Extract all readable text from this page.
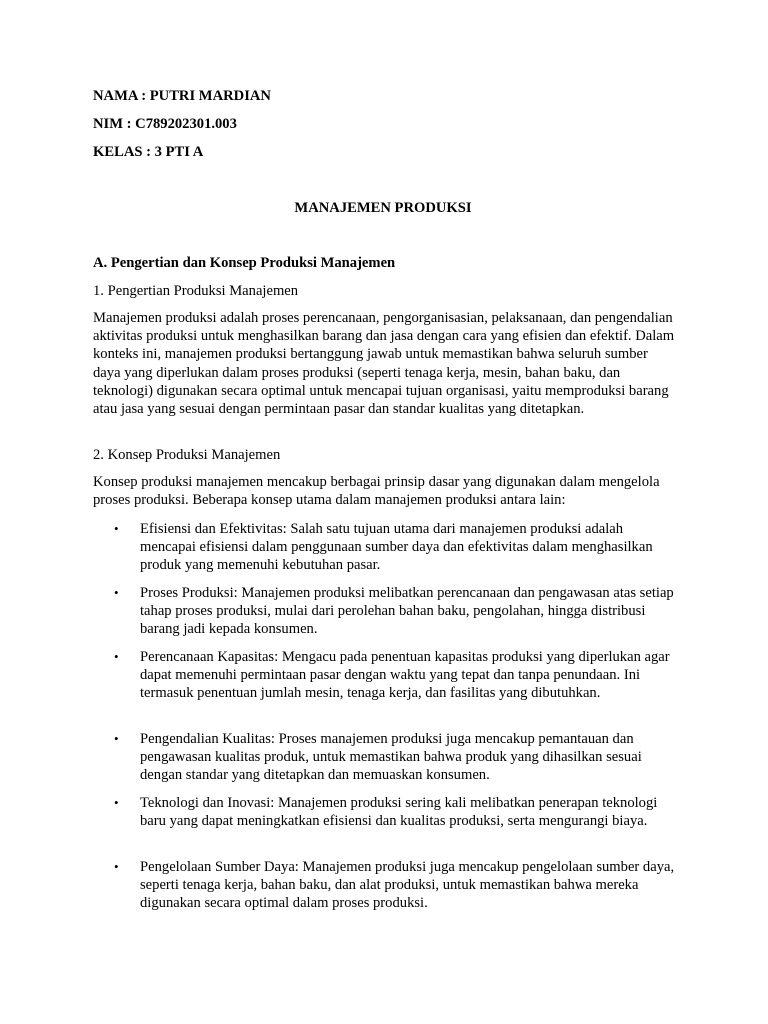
NAMA : PUTRI MARDIAN
NIM : C789202301.003
KELAS : 3 PTI A
MANAJEMEN PRODUKSI
A. Pengertian dan Konsep Produksi Manajemen
1. Pengertian Produksi Manajemen

Manajemen produksi adalah proses perencanaan, pengorganisasian, pelaksanaan, dan pengendalian aktivitas produksi untuk menghasilkan barang dan jasa dengan cara yang efisien dan efektif. Dalam konteks ini, manajemen produksi bertanggung jawab untuk memastikan bahwa seluruh sumber daya yang diperlukan dalam proses produksi (seperti tenaga kerja, mesin, bahan baku, dan teknologi) digunakan secara optimal untuk mencapai tujuan organisasi, yaitu memproduksi barang atau jasa yang sesuai dengan permintaan pasar dan standar kualitas yang ditetapkan.

2. Konsep Produksi Manajemen

Konsep produksi manajemen mencakup berbagai prinsip dasar yang digunakan dalam mengelola proses produksi. Beberapa konsep utama dalam manajemen produksi antara lain:

• Efisiensi dan Efektivitas: Salah satu tujuan utama dari manajemen produksi adalah mencapai efisiensi dalam penggunaan sumber daya dan efektivitas dalam menghasilkan produk yang memenuhi kebutuhan pasar.
• Proses Produksi: Manajemen produksi melibatkan perencanaan dan pengawasan atas setiap tahap proses produksi, mulai dari perolehan bahan baku, pengolahan, hingga distribusi barang jadi kepada konsumen.
• Perencanaan Kapasitas: Mengacu pada penentuan kapasitas produksi yang diperlukan agar dapat memenuhi permintaan pasar dengan waktu yang tepat dan tanpa penundaan. Ini termasuk penentuan jumlah mesin, tenaga kerja, dan fasilitas yang dibutuhkan.
• Pengendalian Kualitas: Proses manajemen produksi juga mencakup pemantauan dan pengawasan kualitas produk, untuk memastikan bahwa produk yang dihasilkan sesuai dengan standar yang ditetapkan dan memuaskan konsumen.
• Teknologi dan Inovasi: Manajemen produksi sering kali melibatkan penerapan teknologi baru yang dapat meningkatkan efisiensi dan kualitas produksi, serta mengurangi biaya.
• Pengelolaan Sumber Daya: Manajemen produksi juga mencakup pengelolaan sumber daya, seperti tenaga kerja, bahan baku, dan alat produksi, untuk memastikan bahwa mereka digunakan secara optimal dalam proses produksi.
